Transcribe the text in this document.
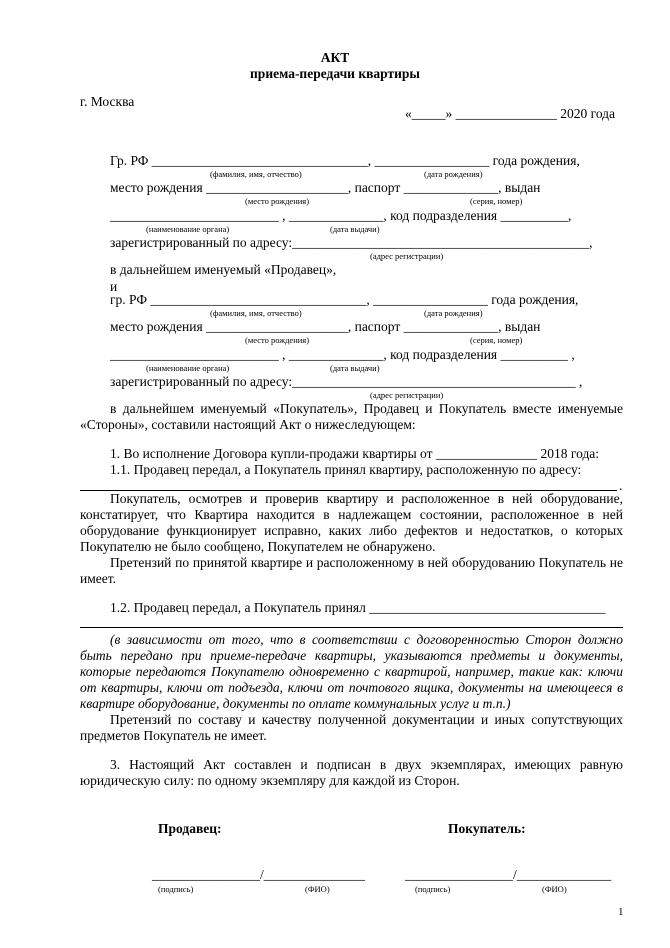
АКТ
приема-передачи квартиры
г. Москва
«_____» _______________ 2020 года
Гр. РФ ________________________________, _________________ года рождения,
(фамилия, имя, отчество)	(дата рождения)
место рождения _____________________, паспорт ______________, выдан
(место рождения)	(серия, номер)
_________________________ , ______________, код подразделения __________,
(наименование органа)	(дата выдачи)
зарегистрированный по адресу:____________________________________________,
(адрес регистрации)
в дальнейшем именуемый «Продавец»,
и
гр. РФ ________________________________, _________________ года рождения,
(фамилия, имя, отчество)	(дата рождения)
место рождения _____________________, паспорт ______________, выдан
(место рождения)	(серия, номер)
_________________________ , ______________, код подразделения __________ ,
(наименование органа)	(дата выдачи)
зарегистрированный по адресу:__________________________________________ ,
(адрес регистрации)
в дальнейшем именуемый «Покупатель», Продавец и Покупатель вместе именуемые «Стороны», составили настоящий Акт о нижеследующем:
1. Во исполнение Договора купли-продажи квартиры от _______________ 2018 года:
1.1. Продавец передал, а Покупатель принял квартиру, расположенную по адресу:
.
Покупатель, осмотрев и проверив квартиру и расположенное в ней оборудование, констатирует, что Квартира находится в надлежащем состоянии, расположенное в ней оборудование функционирует исправно, каких либо дефектов и недостатков, о которых Покупателю не было сообщено, Покупателем не обнаружено.
Претензий по принятой квартире и расположенному в ней оборудованию Покупатель не имеет.
1.2. Продавец передал, а Покупатель принял ___________________________________
(в зависимости от того, что в соответствии с договоренностью Сторон должно быть передано при приеме-передаче квартиры, указываются предметы и документы, которые передаются Покупателю одновременно с квартирой, например, такие как: ключи от квартиры, ключи от подъезда, ключи от почтового ящика, документы на имеющееся в квартире оборудование, документы по оплате коммунальных услуг и т.п.)
Претензий по составу и качеству полученной документации и иных сопутствующих предметов Покупатель не имеет.
3. Настоящий Акт составлен и подписан в двух экземплярах, имеющих равную юридическую силу: по одному экземпляру для каждой из Сторон.
Продавец:	Покупатель:
________________/_______________	________________/______________
(подпись)	(ФИО)	(подпись)	(ФИО)
1
